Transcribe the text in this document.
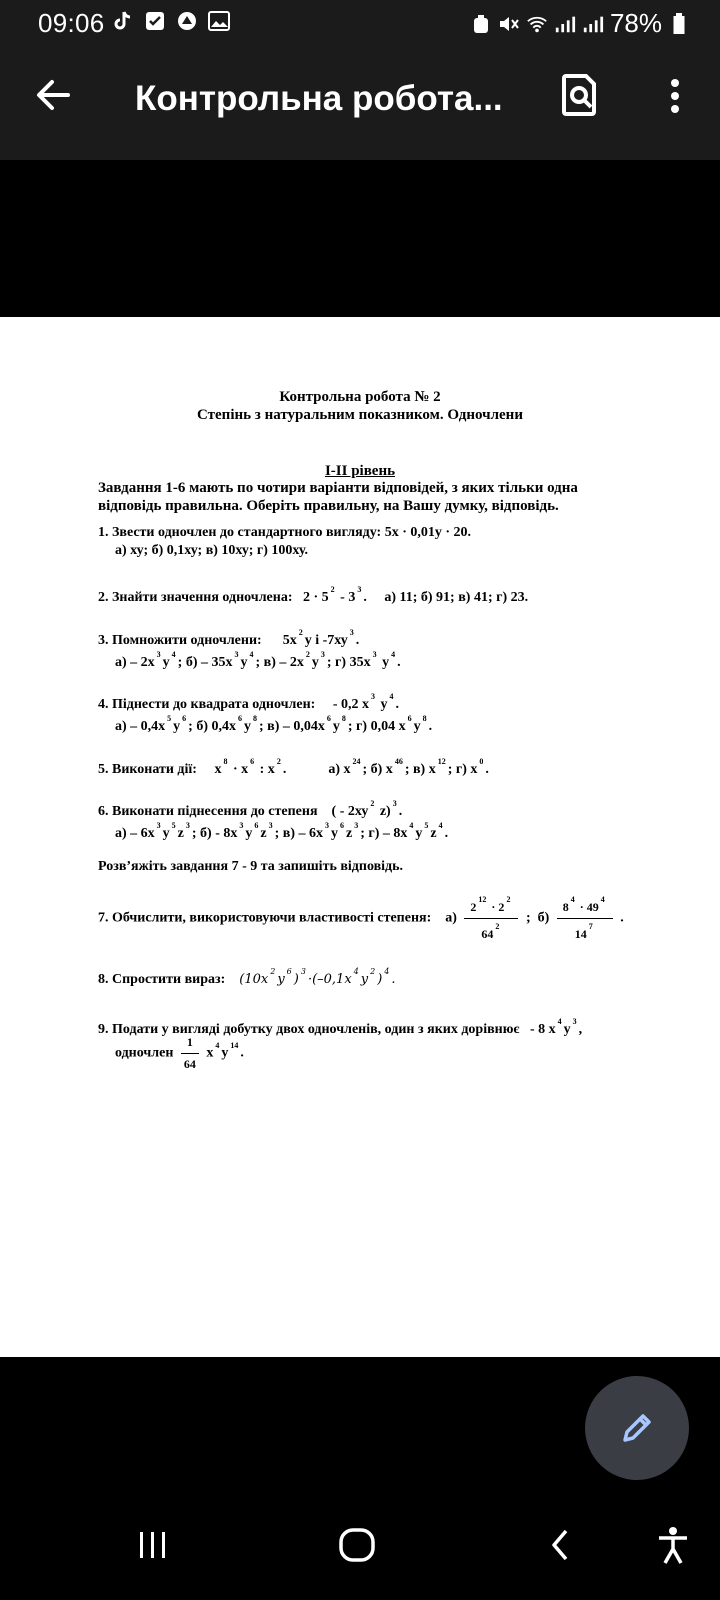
09:06	78%
Контрольна робота...
Контрольна робота № 2
Степінь з натуральним показником. Одночлени
І-ІІ рівень
Завдання 1-6 мають по чотири варіанти відповідей, з яких тільки одна відповідь правильна. Оберіть правильну, на Вашу думку, відповідь.
1. Звести одночлен до стандартного вигляду: 5х · 0,01у · 20.
а) ху; б) 0,1ху; в) 10ху; г) 100ху.
2. Знайти значення одночлена:   $2 \cdot 5^2 - 3^3$.     а) 11; б) 91; в) 41; г) 23.
3. Помножити одночлени:      $5х^2у$ і $-7ху^3$.
$а) - 2х^3у^4$; $б) - 35х^3у^4$; $в) - 2х^2у^3$; г) $35х^3$ $у^4$.
4. Піднести до квадрата одночлен:     - 0,2 $х^3$ $у^4$.
$а) - 0,4х^5у^6$; б) $0,4х^6у^8$; $в) - 0,04х^6у^8$; г) 0,04 $х^6у^8$.
5. Виконати дії:     $х^8 \cdot х^6$ : $х^2$.            а) $х^{24}$; б) $х^{46}$; в) $х^{12}$; г) $х^0$.
6. Виконати піднесення до степеня    ( - $2ху^2$ z)$^3$.
$а) - 6х^3у^5z^3$; $б) - 8х^3у^6z^3$; $в) - 6х^3у^6z^3$; $г) - 8х^4у^5z^4$.
Розв’яжіть завдання 7 - 9 та запишіть відповідь.
7. Обчислити, використовуючи властивості степеня:    $а) \frac{2^{12} \cdot 2^2}{64^2}$ ;  $б) \frac{8^4 \cdot 49^4}{14^7}$ .
8. Спростити вираз: $(10x^2y^6)^3\cdot(-0,1x^4y^2)^4$.
9. Подати у вигляді добутку двох одночленів, один з яких дорівнює   - 8 $х^4у^3$,
одночлен $\frac{1}{64} х^4у^{14}$.
